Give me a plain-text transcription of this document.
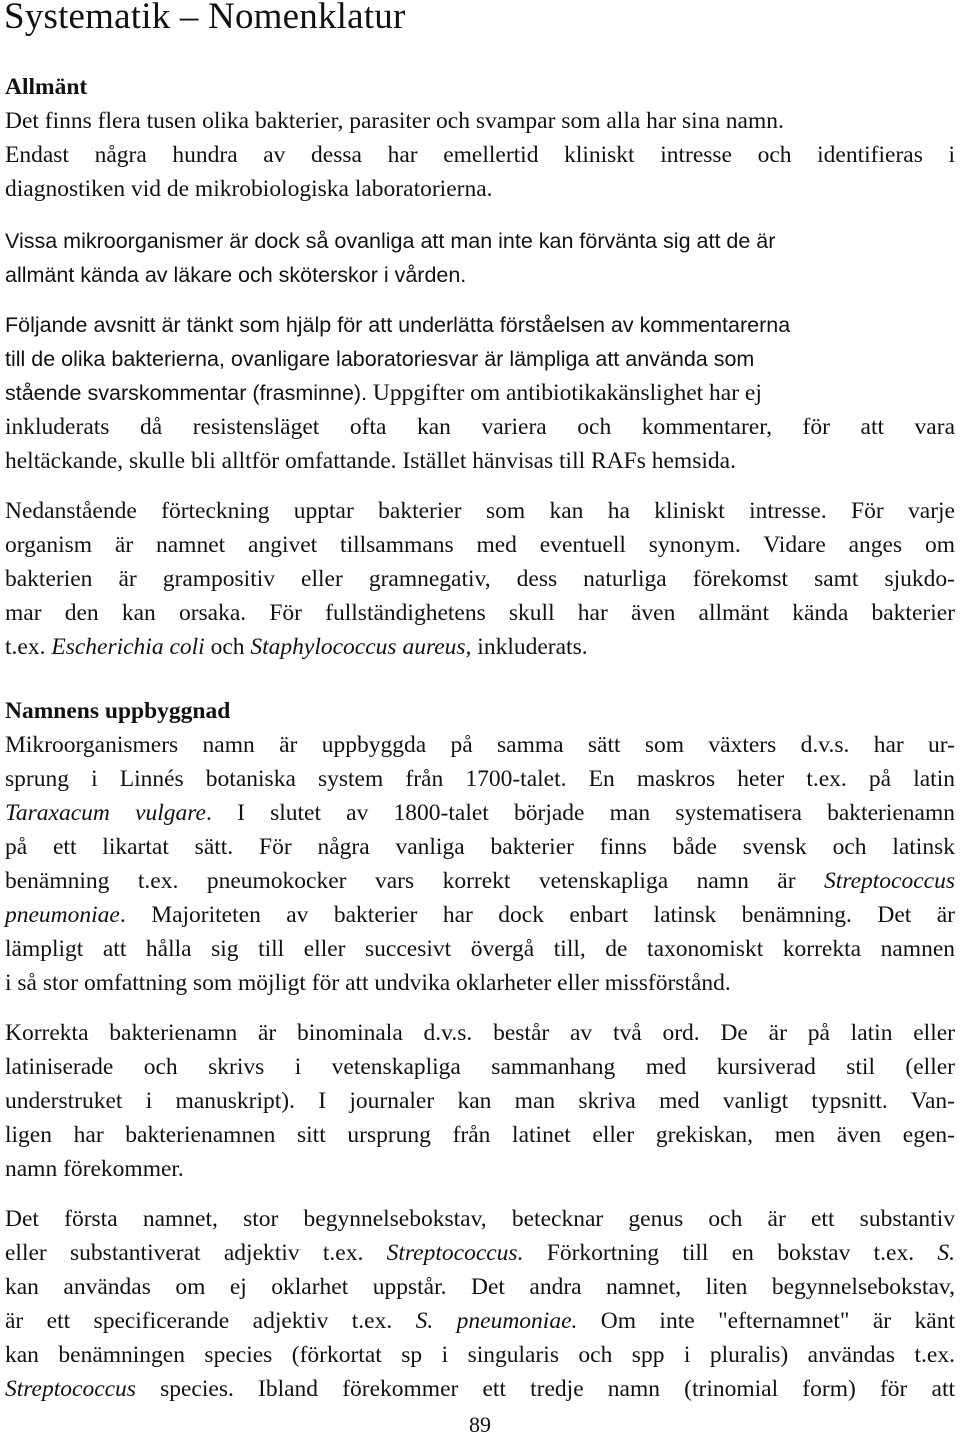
Systematik – Nomenklatur
Allmänt
Det finns flera tusen olika bakterier, parasiter och svampar som alla har sina namn.
Endast några hundra av dessa har emellertid kliniskt intresse och identifieras i
diagnostiken vid de mikrobiologiska laboratorierna.
Vissa mikroorganismer är dock så ovanliga att man inte kan förvänta sig att de är
allmänt kända av läkare och sköterskor i vården.
Följande avsnitt är tänkt som hjälp för att underlätta förståelsen av kommentarerna
till de olika bakterierna, ovanligare laboratoriesvar är lämpliga att använda som
stående svarskommentar (frasminne). Uppgifter om antibiotikakänslighet har ej
inkluderats då resistensläget ofta kan variera och kommentarer, för att vara
heltäckande, skulle bli alltför omfattande. Istället hänvisas till RAFs hemsida.
Nedanstående förteckning upptar bakterier som kan ha kliniskt intresse. För varje
organism är namnet angivet tillsammans med eventuell synonym. Vidare anges om
bakterien är grampositiv eller gramnegativ, dess naturliga förekomst samt sjukdo-
mar den kan orsaka. För fullständighetens skull har även allmänt kända bakterier
t.ex. Escherichia coli och Staphylococcus aureus, inkluderats.
Namnens uppbyggnad
Mikroorganismers namn är uppbyggda på samma sätt som växters d.v.s. har ur-
sprung i Linnés botaniska system från 1700-talet. En maskros heter t.ex. på latin
Taraxacum vulgare. I slutet av 1800-talet började man systematisera bakterienamn
på ett likartat sätt. För några vanliga bakterier finns både svensk och latinsk
benämning t.ex. pneumokocker vars korrekt vetenskapliga namn är Streptococcus
pneumoniae. Majoriteten av bakterier har dock enbart latinsk benämning. Det är
lämpligt att hålla sig till eller succesivt övergå till, de taxonomiskt korrekta namnen
i så stor omfattning som möjligt för att undvika oklarheter eller missförstånd.
Korrekta bakterienamn är binominala d.v.s. består av två ord. De är på latin eller
latiniserade och skrivs i vetenskapliga sammanhang med kursiverad stil (eller
understruket i manuskript). I journaler kan man skriva med vanligt typsnitt. Van-
ligen har bakterienamnen sitt ursprung från latinet eller grekiskan, men även egen-
namn förekommer.
Det första namnet, stor begynnelsebokstav, betecknar genus och är ett substantiv
eller substantiverat adjektiv t.ex. Streptococcus. Förkortning till en bokstav t.ex. S.
kan användas om ej oklarhet uppstår. Det andra namnet, liten begynnelsebokstav,
är ett specificerande adjektiv t.ex. S. pneumoniae. Om inte "efternamnet" är känt
kan benämningen species (förkortat sp i singularis och spp i pluralis) användas t.ex.
Streptococcus species. Ibland förekommer ett tredje namn (trinomial form) för att
89
